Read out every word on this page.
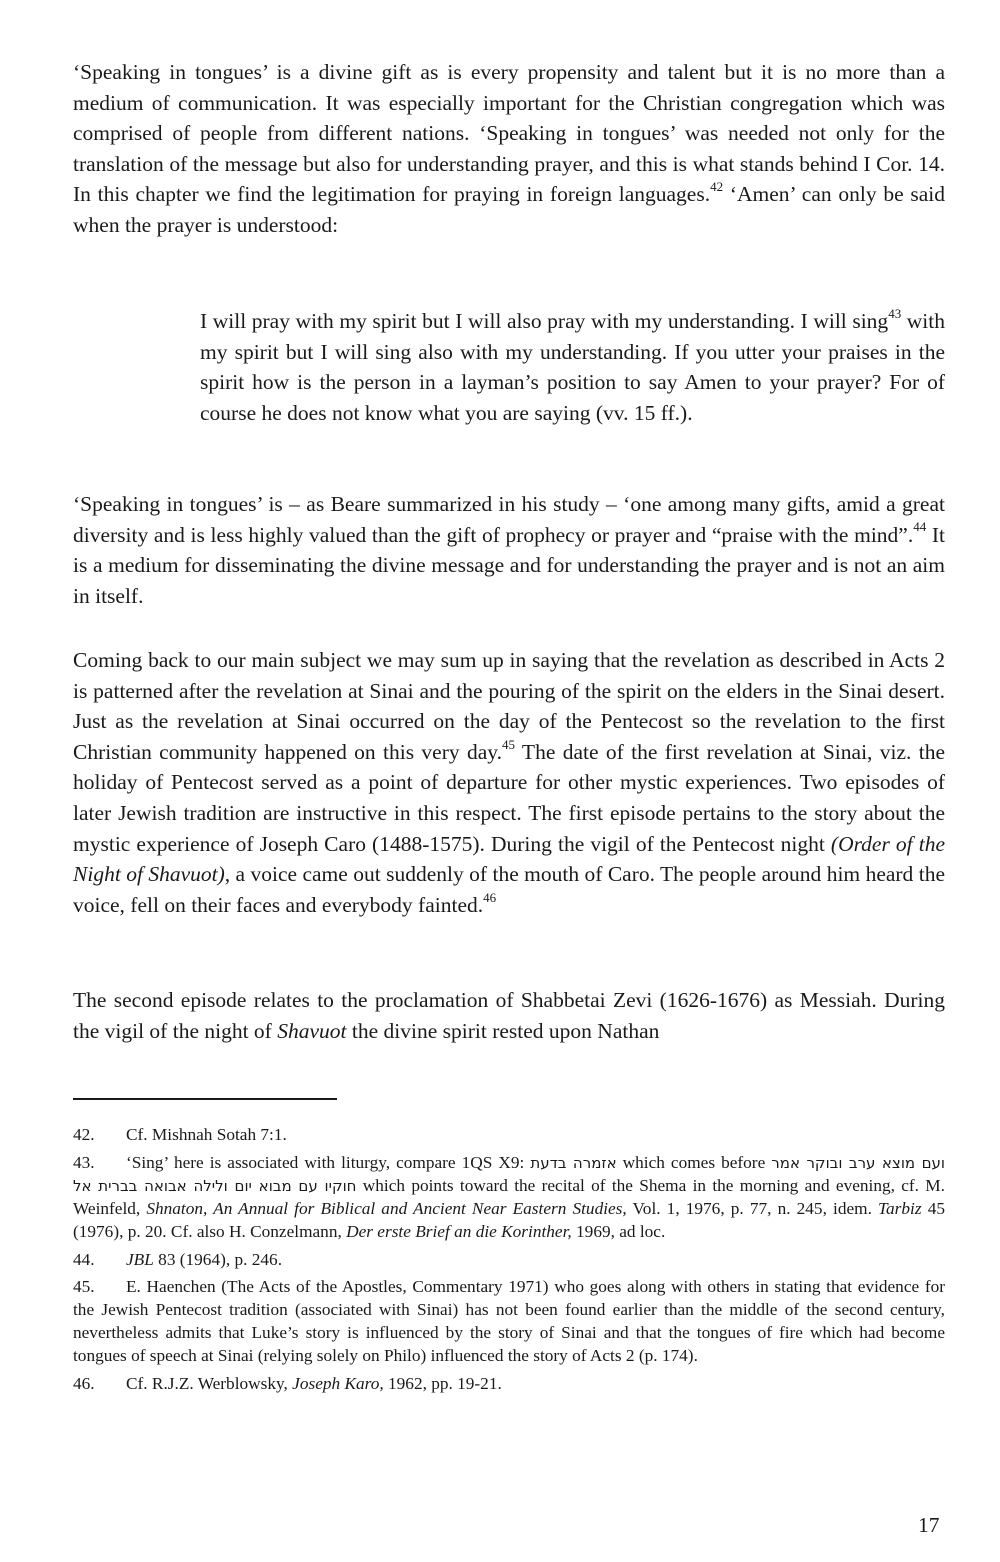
‘Speaking in tongues’ is a divine gift as is every propensity and talent but it is no more than a medium of communication. It was especially important for the Christian congregation which was comprised of people from different nations. ‘Speaking in tongues’ was needed not only for the translation of the message but also for understanding prayer, and this is what stands behind I Cor. 14. In this chapter we find the legitimation for praying in foreign languages.$^{42}$ ‘Amen’ can only be said when the prayer is understood:

I will pray with my spirit but I will also pray with my understanding. I will sing$^{43}$ with my spirit but I will sing also with my understanding. If you utter your praises in the spirit how is the person in a layman’s position to say Amen to your prayer? For of course he does not know what you are saying (vv. 15 ff.).

‘Speaking in tongues’ is – as Beare summarized in his study – ‘one among many gifts, amid a great diversity and is less highly valued than the gift of prophecy or prayer and “praise with the mind”.$^{44}$ It is a medium for disseminating the divine message and for understanding the prayer and is not an aim in itself.

Coming back to our main subject we may sum up in saying that the revelation as described in Acts 2 is patterned after the revelation at Sinai and the pouring of the spirit on the elders in the Sinai desert. Just as the revelation at Sinai occurred on the day of the Pentecost so the revelation to the first Christian community happened on this very day.$^{45}$ The date of the first revelation at Sinai, viz. the holiday of Pentecost served as a point of departure for other mystic experiences. Two episodes of later Jewish tradition are instructive in this respect. The first episode pertains to the story about the mystic experience of Joseph Caro (1488-1575). During the vigil of the Pentecost night (Order of the Night of Shavuot), a voice came out suddenly of the mouth of Caro. The people around him heard the voice, fell on their faces and everybody fainted.$^{46}$

The second episode relates to the proclamation of Shabbetai Zevi (1626-1676) as Messiah. During the vigil of the night of Shavuot the divine spirit rested upon Nathan

42. Cf. Mishnah Sotah 7:1.

43. ‘Sing’ here is associated with liturgy, compare 1QS X9: אזמרה בדעת which comes before ועם מוצא ערב ובוקר אמר חוקיו עם מבוא יום ולילה אבואה בברית אל which points toward the recital of the Shema in the morning and evening, cf. M. Weinfeld, Shnaton, An Annual for Biblical and Ancient Near Eastern Studies, Vol. 1, 1976, p. 77, n. 245, idem. Tarbiz 45 (1976), p. 20. Cf. also H. Conzelmann, Der erste Brief an die Korinther, 1969, ad loc.

44. JBL 83 (1964), p. 246.

45. E. Haenchen (The Acts of the Apostles, Commentary 1971) who goes along with others in stating that evidence for the Jewish Pentecost tradition (associated with Sinai) has not been found earlier than the middle of the second century, nevertheless admits that Luke’s story is influenced by the story of Sinai and that the tongues of fire which had become tongues of speech at Sinai (relying solely on Philo) influenced the story of Acts 2 (p. 174).

46. Cf. R.J.Z. Werblowsky, Joseph Karo, 1962, pp. 19-21.

17
